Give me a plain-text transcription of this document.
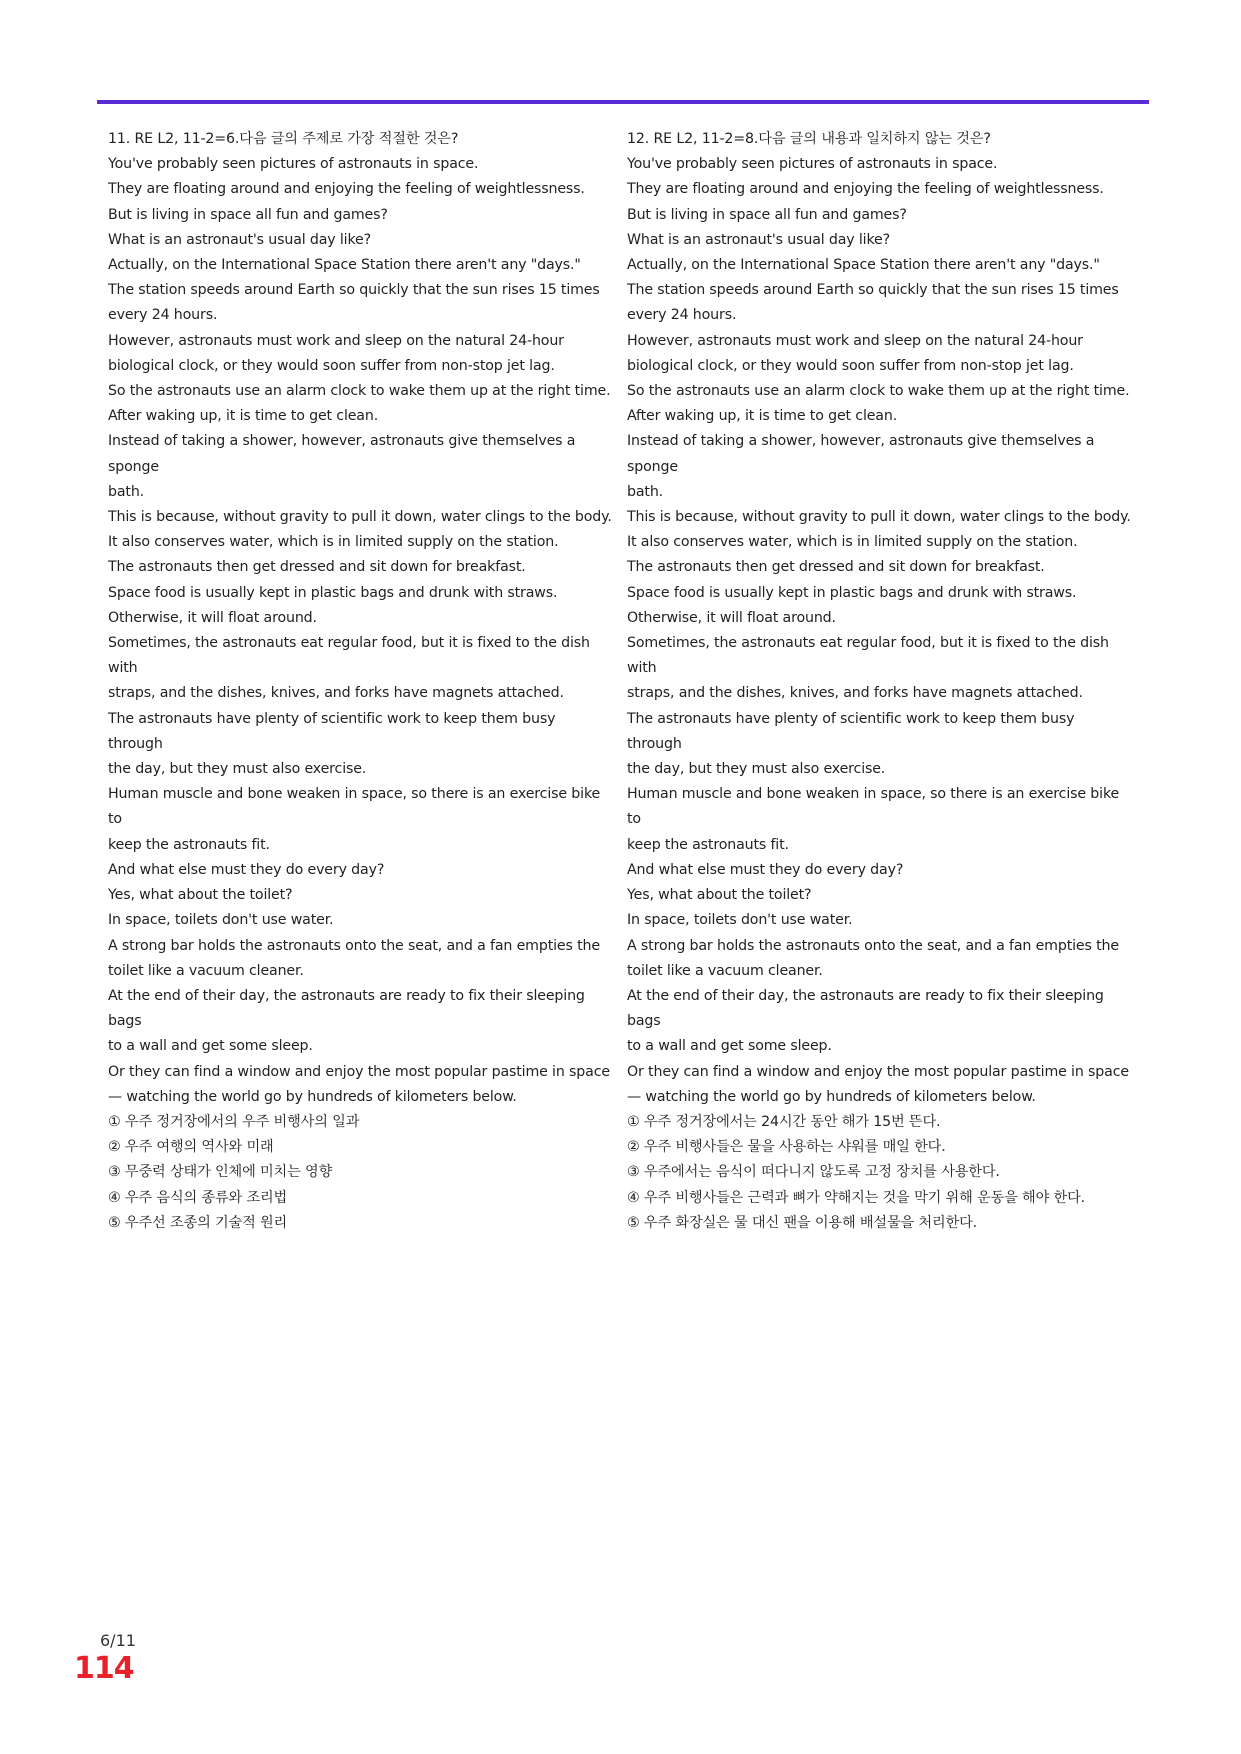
11. RE L2, 11-2=6.다음 글의 주제로 가장 적절한 것은?

You've probably seen pictures of astronauts in space.

They are floating around and enjoying the feeling of weightlessness.

But is living in space all fun and games?

What is an astronaut's usual day like?

Actually, on the International Space Station there aren't any "days."

The station speeds around Earth so quickly that the sun rises 15 times

every 24 hours.

However, astronauts must work and sleep on the natural 24-hour

biological clock, or they would soon suffer from non-stop jet lag.

So the astronauts use an alarm clock to wake them up at the right time.

After waking up, it is time to get clean.

Instead of taking a shower, however, astronauts give themselves a sponge

bath.

This is because, without gravity to pull it down, water clings to the body.

It also conserves water, which is in limited supply on the station.

The astronauts then get dressed and sit down for breakfast.

Space food is usually kept in plastic bags and drunk with straws.

Otherwise, it will float around.

Sometimes, the astronauts eat regular food, but it is fixed to the dish with

straps, and the dishes, knives, and forks have magnets attached.

The astronauts have plenty of scientific work to keep them busy through

the day, but they must also exercise.

Human muscle and bone weaken in space, so there is an exercise bike to

keep the astronauts fit.

And what else must they do every day?

Yes, what about the toilet?

In space, toilets don't use water.

A strong bar holds the astronauts onto the seat, and a fan empties the

toilet like a vacuum cleaner.

At the end of their day, the astronauts are ready to fix their sleeping bags

to a wall and get some sleep.

Or they can find a window and enjoy the most popular pastime in space

— watching the world go by hundreds of kilometers below.

① 우주 정거장에서의 우주 비행사의 일과

② 우주 여행의 역사와 미래

③ 무중력 상태가 인체에 미치는 영향

④ 우주 음식의 종류와 조리법

⑤ 우주선 조종의 기술적 원리

12. RE L2, 11-2=8.다음 글의 내용과 일치하지 않는 것은?

You've probably seen pictures of astronauts in space.

They are floating around and enjoying the feeling of weightlessness.

But is living in space all fun and games?

What is an astronaut's usual day like?

Actually, on the International Space Station there aren't any "days."

The station speeds around Earth so quickly that the sun rises 15 times

every 24 hours.

However, astronauts must work and sleep on the natural 24-hour

biological clock, or they would soon suffer from non-stop jet lag.

So the astronauts use an alarm clock to wake them up at the right time.

After waking up, it is time to get clean.

Instead of taking a shower, however, astronauts give themselves a sponge

bath.

This is because, without gravity to pull it down, water clings to the body.

It also conserves water, which is in limited supply on the station.

The astronauts then get dressed and sit down for breakfast.

Space food is usually kept in plastic bags and drunk with straws.

Otherwise, it will float around.

Sometimes, the astronauts eat regular food, but it is fixed to the dish with

straps, and the dishes, knives, and forks have magnets attached.

The astronauts have plenty of scientific work to keep them busy through

the day, but they must also exercise.

Human muscle and bone weaken in space, so there is an exercise bike to

keep the astronauts fit.

And what else must they do every day?

Yes, what about the toilet?

In space, toilets don't use water.

A strong bar holds the astronauts onto the seat, and a fan empties the

toilet like a vacuum cleaner.

At the end of their day, the astronauts are ready to fix their sleeping bags

to a wall and get some sleep.

Or they can find a window and enjoy the most popular pastime in space

— watching the world go by hundreds of kilometers below.

① 우주 정거장에서는 24시간 동안 해가 15번 뜬다.

② 우주 비행사들은 물을 사용하는 샤워를 매일 한다.

③ 우주에서는 음식이 떠다니지 않도록 고정 장치를 사용한다.

④ 우주 비행사들은 근력과 뼈가 약해지는 것을 막기 위해 운동을 해야 한다.

⑤ 우주 화장실은 물 대신 팬을 이용해 배설물을 처리한다.

6/11
114
